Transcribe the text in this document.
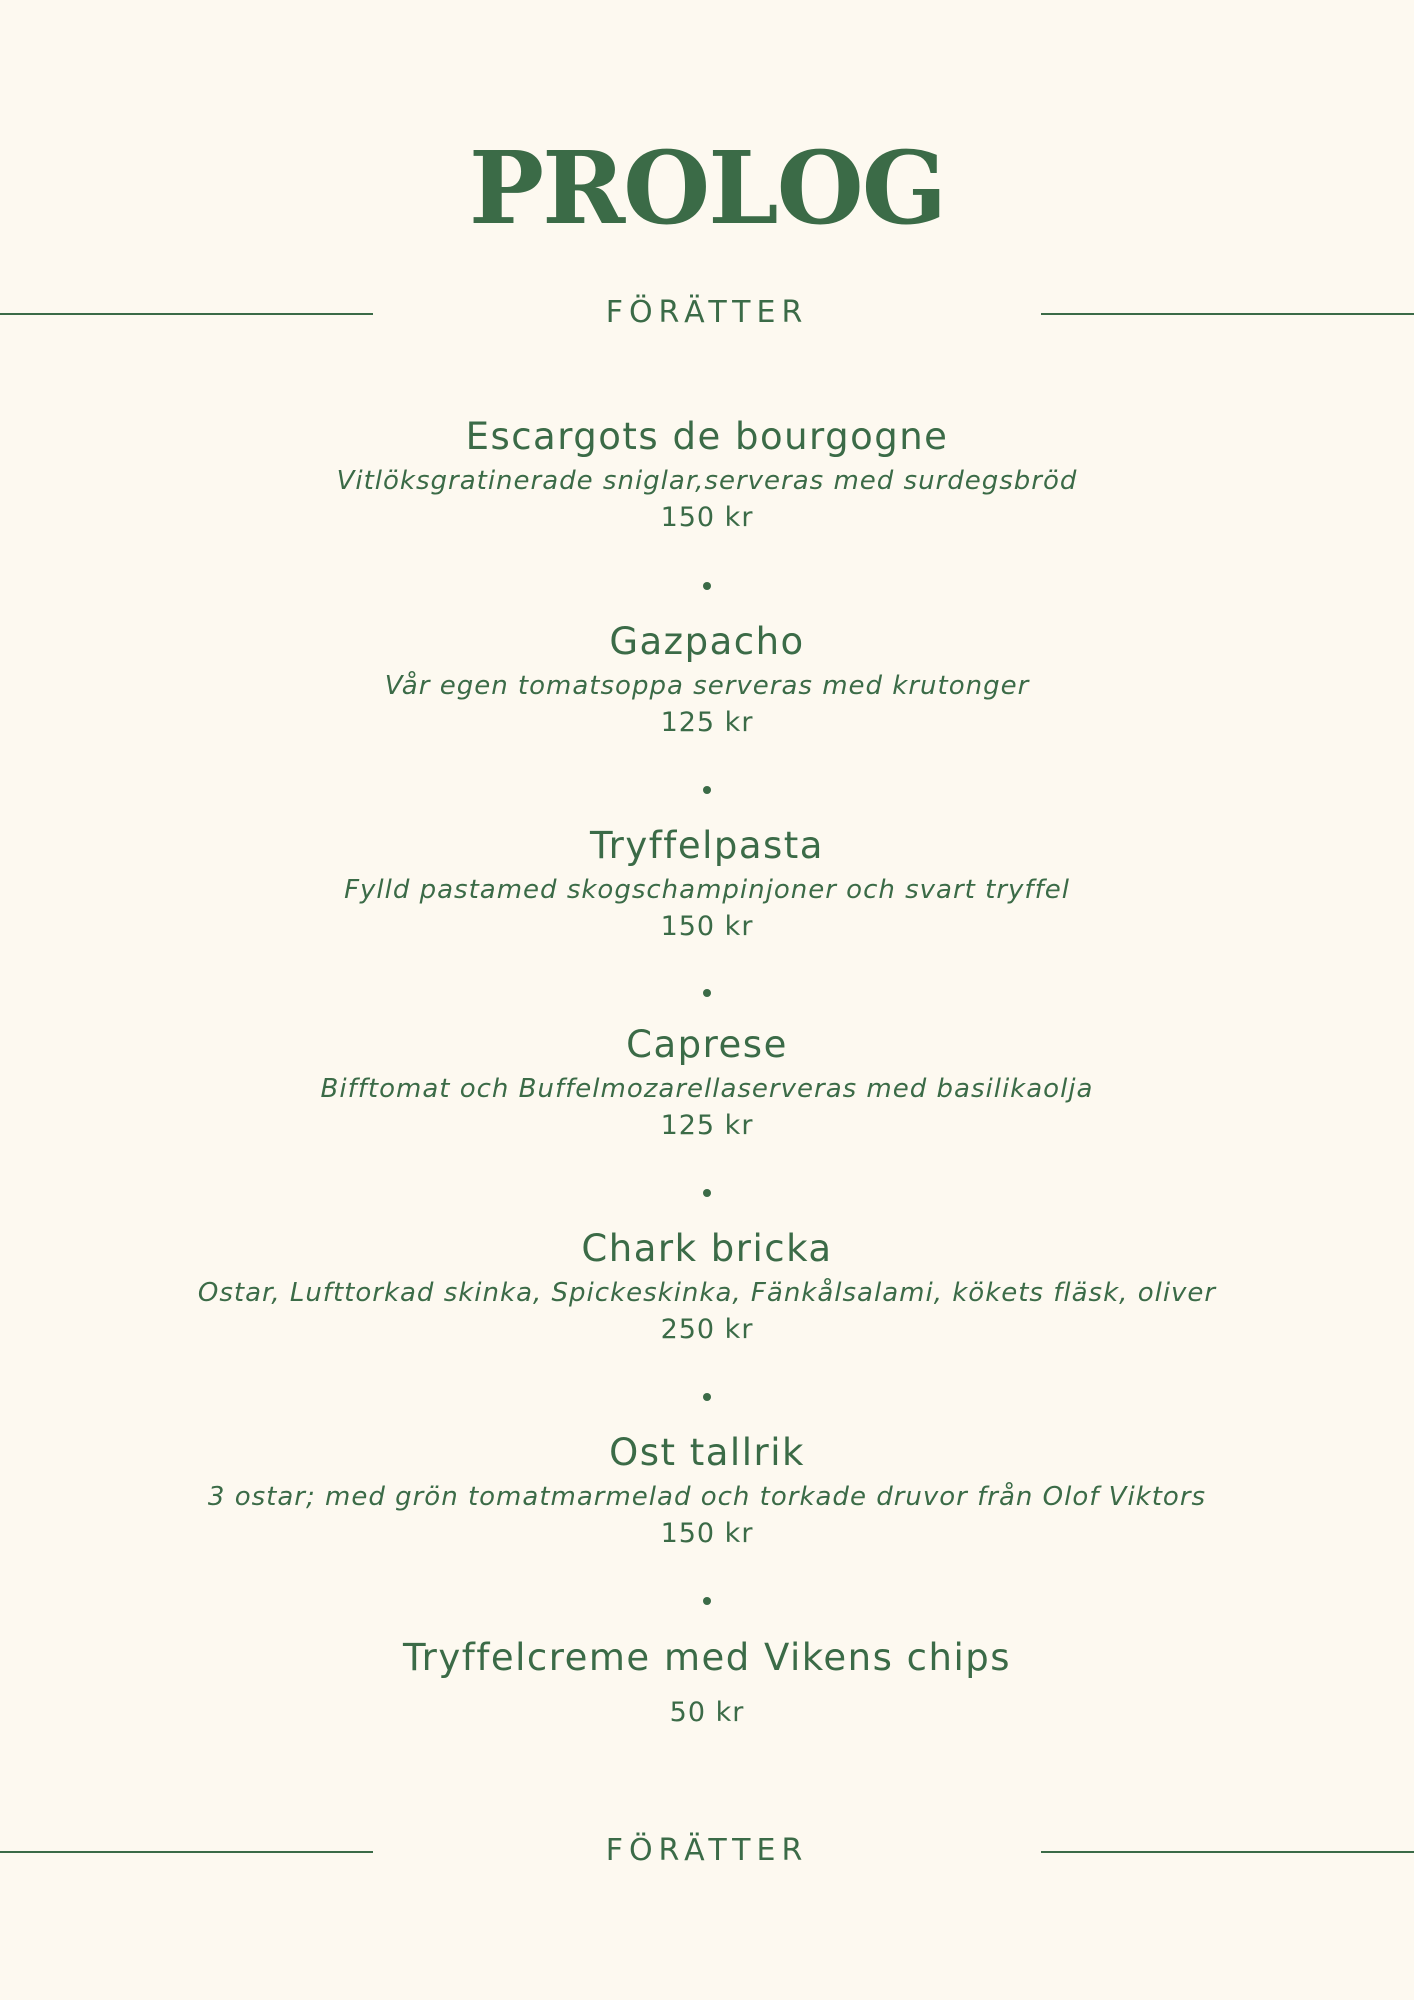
PROLOG
FÖRÄTTER
Escargots de bourgogne
Vitlöksgratinerade sniglar,serveras med surdegsbröd
150 kr
Gazpacho
Vår egen tomatsoppa serveras med krutonger
125 kr
Tryffelpasta
Fylld pastamed skogschampinjoner och svart tryffel
150 kr
Caprese
Bifftomat och Buffelmozarellaserveras med basilikaolja
125 kr
Chark bricka
Ostar, Lufttorkad skinka, Spickeskinka, Fänkålsalami, kökets fläsk, oliver
250 kr
Ost tallrik
3 ostar; med grön tomatmarmelad och torkade druvor från Olof Viktors
150 kr
Tryffelcreme med Vikens chips
50 kr
FÖRÄTTER
